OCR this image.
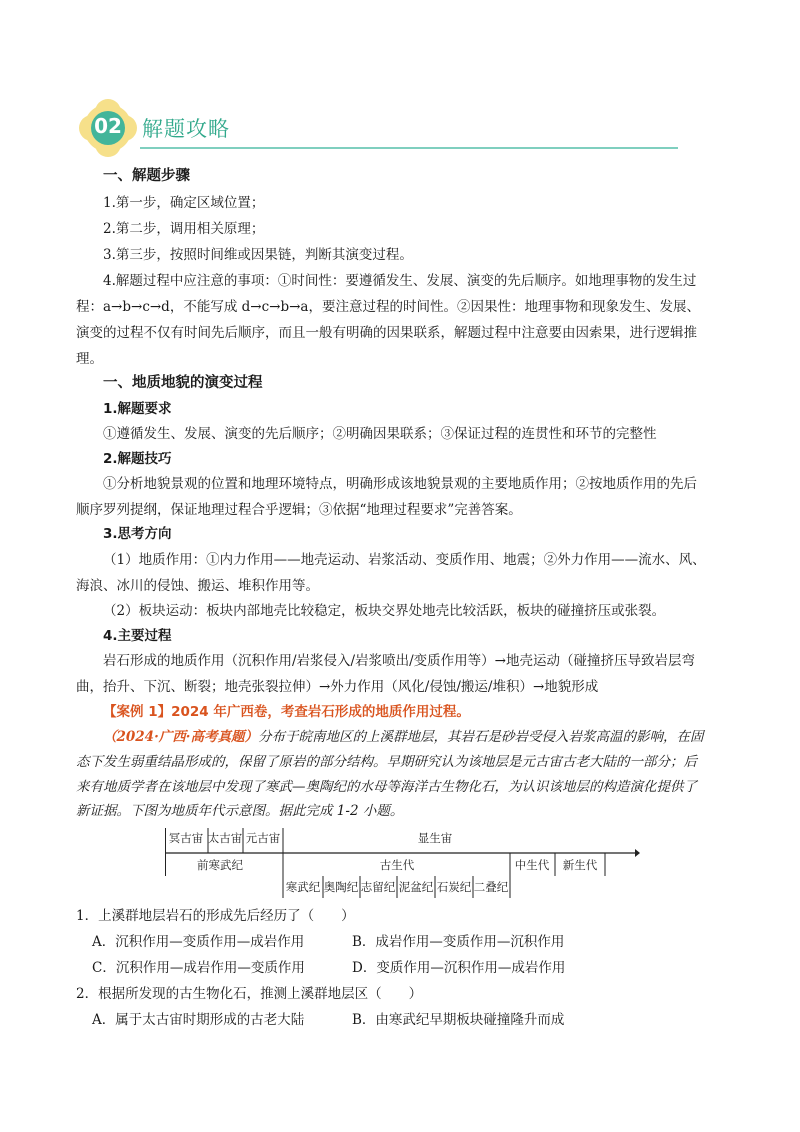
02 解题攻略
一、解题步骤
1.第一步，确定区域位置；
2.第二步，调用相关原理；
3.第三步，按照时间维或因果链，判断其演变过程。
4.解题过程中应注意的事项：①时间性：要遵循发生、发展、演变的先后顺序。如地理事物的发生过
程：a→b→c→d，不能写成 d→c→b→a，要注意过程的时间性。②因果性：地理事物和现象发生、发展、
演变的过程不仅有时间先后顺序，而且一般有明确的因果联系，解题过程中注意要由因索果，进行逻辑推
理。
一、地质地貌的演变过程
1.解题要求
①遵循发生、发展、演变的先后顺序；②明确因果联系；③保证过程的连贯性和环节的完整性
2.解题技巧
①分析地貌景观的位置和地理环境特点，明确形成该地貌景观的主要地质作用；②按地质作用的先后
顺序罗列提纲，保证地理过程合乎逻辑；③依据“地理过程要求”完善答案。
3.思考方向
（1）地质作用：①内力作用——地壳运动、岩浆活动、变质作用、地震；②外力作用——流水、风、
海浪、冰川的侵蚀、搬运、堆积作用等。
（2）板块运动：板块内部地壳比较稳定，板块交界处地壳比较活跃，板块的碰撞挤压或张裂。
4.主要过程
岩石形成的地质作用（沉积作用/岩浆侵入/岩浆喷出/变质作用等）→地壳运动（碰撞挤压导致岩层弯
曲，抬升、下沉、断裂；地壳张裂拉伸）→外力作用（风化/侵蚀/搬运/堆积）→地貌形成
【案例 1】2024 年广西卷，考查岩石形成的地质作用过程。
（2024·广西·高考真题）分布于皖南地区的上溪群地层，其岩石是砂岩受侵入岩浆高温的影响，在固
态下发生弱重结晶形成的，保留了原岩的部分结构。早期研究认为该地层是元古宙古老大陆的一部分；后
来有地质学者在该地层中发现了寒武—奥陶纪的水母等海洋古生物化石，为认识该地层的构造演化提供了
新证据。下图为地质年代示意图。据此完成 1-2 小题。
冥古宙 太古宙 元古宙	显生宙
前寒武纪	古生代	中生代 新生代
寒武纪 奥陶纪 志留纪 泥盆纪 石炭纪 二叠纪
1．上溪群地层岩石的形成先后经历了（　　）
A．沉积作用—变质作用—成岩作用	B．成岩作用—变质作用—沉积作用
C．沉积作用—成岩作用—变质作用	D．变质作用—沉积作用—成岩作用
2．根据所发现的古生物化石，推测上溪群地层区（　　）
A．属于太古宙时期形成的古老大陆	B．由寒武纪早期板块碰撞隆升而成
